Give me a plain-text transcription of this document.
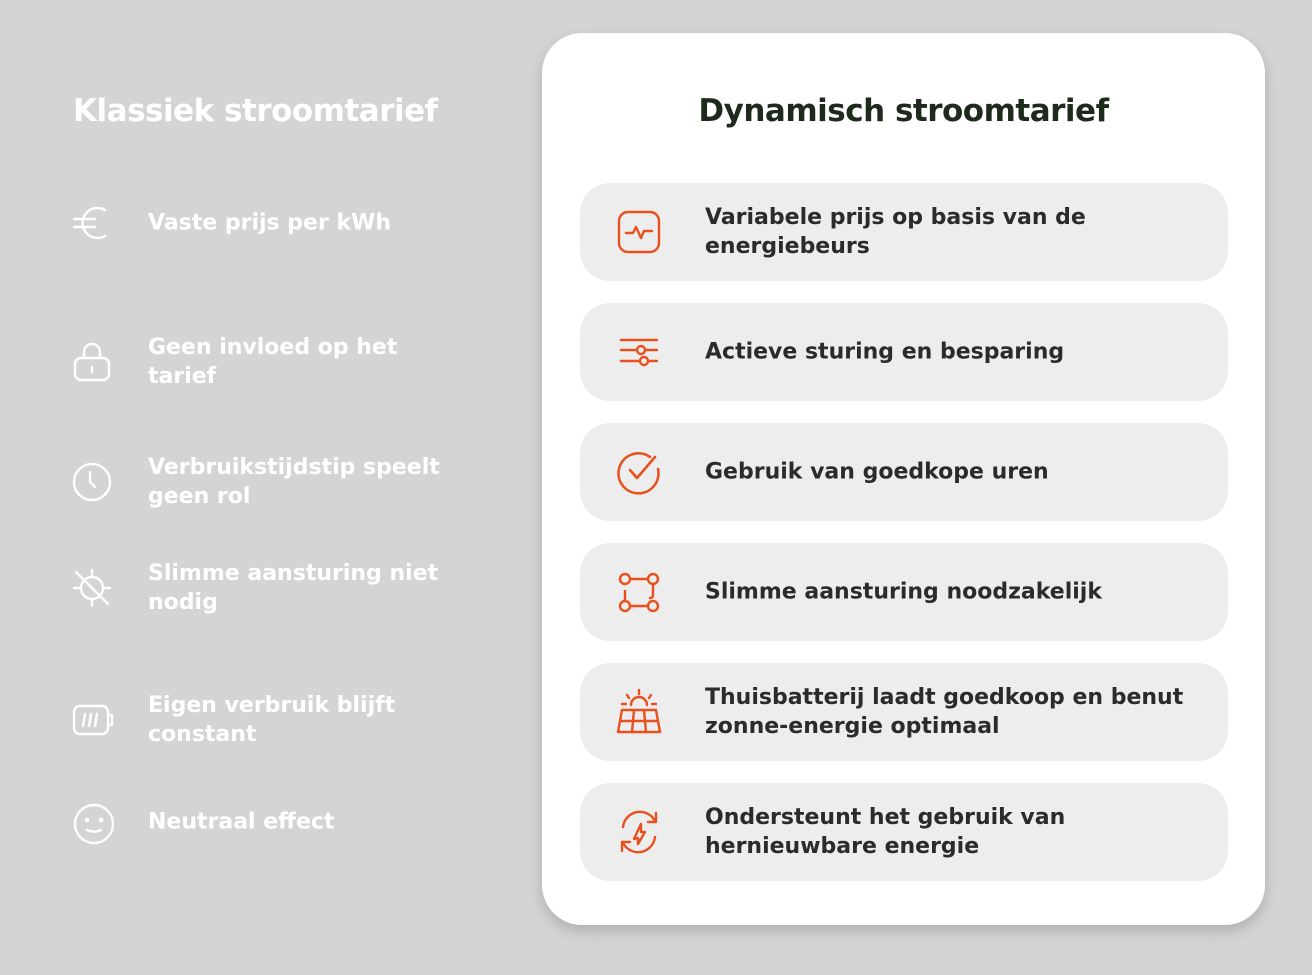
Klassiek stroomtarief
Vaste prijs per kWh
Geen invloed op het tarief
Verbruikstijdstip speelt geen rol
Slimme aansturing niet nodig
Eigen verbruik blijft constant
Neutraal effect
Dynamisch stroomtarief
Variabele prijs op basis van de energiebeurs
Actieve sturing en besparing
Gebruik van goedkope uren
Slimme aansturing noodzakelijk
Thuisbatterij laadt goedkoop en benut zonne-energie optimaal
Ondersteunt het gebruik van hernieuwbare energie
